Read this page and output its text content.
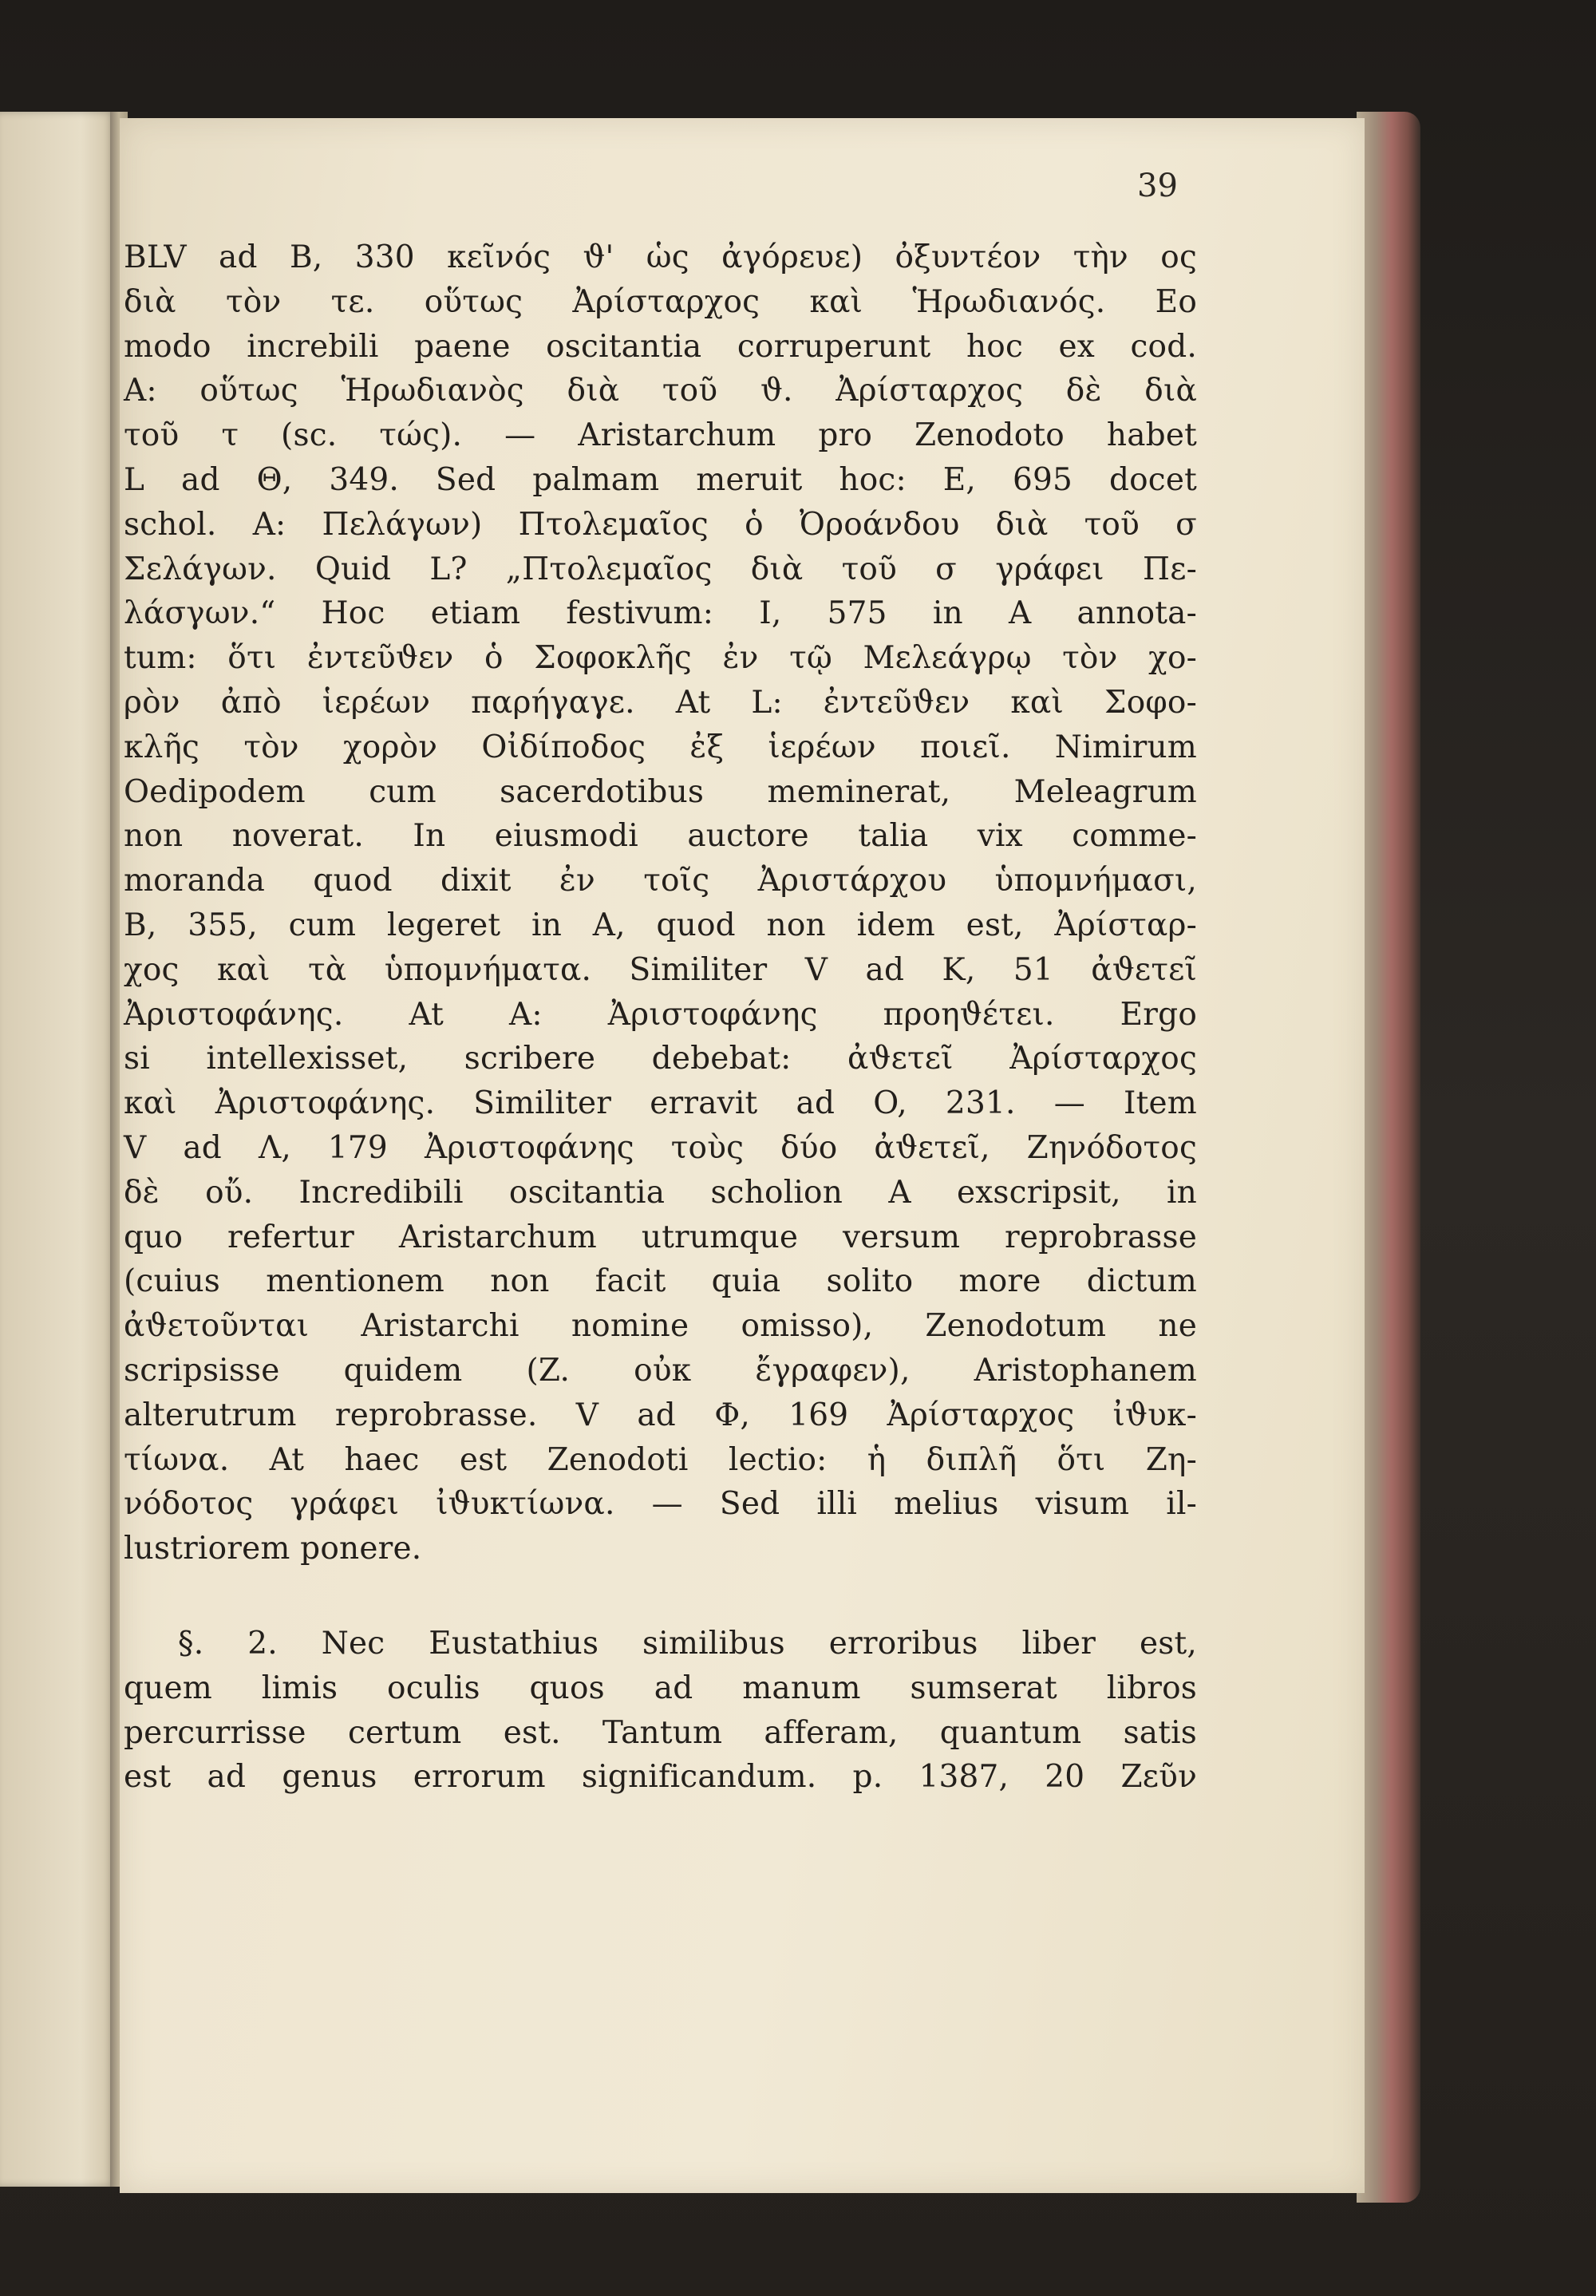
39
BLV ad B, 330 κεῖνός ϑ' ὡς ἀγόρευε) ὀξυντέον τὴν ος
διὰ τὸν τε. οὕτως Ἀρίσταρχος καὶ Ἡρωδιανός. Eo
modo increbili paene oscitantia corruperunt hoc ex cod.
A: οὕτως Ἡρωδιανὸς διὰ τοῦ ϑ. Ἀρίσταρχος δὲ διὰ
τοῦ τ (sc. τώς). — Aristarchum pro Zenodoto habet
L ad Θ, 349. Sed palmam meruit hoc: E, 695 docet
schol. A: Πελάγων) Πτολεμαῖος ὁ Ὀροάνδου διὰ τοῦ σ
Σελάγων. Quid L? „Πτολεμαῖος διὰ τοῦ σ γράφει Πε-
λάσγων.“ Hoc etiam festivum: I, 575 in A annota-
tum: ὅτι ἐντεῦϑεν ὁ Σοφοκλῆς ἐν τῷ Μελεάγρῳ τὸν χο-
ρὸν ἀπὸ ἱερέων παρήγαγε. At L: ἐντεῦϑεν καὶ Σοφο-
κλῆς τὸν χορὸν Οἰδίποδος ἐξ ἱερέων ποιεῖ. Nimirum
Oedipodem cum sacerdotibus meminerat, Meleagrum
non noverat. In eiusmodi auctore talia vix comme-
moranda quod dixit ἐν τοῖς Ἀριστάρχου ὑπομνήμασι,
B, 355, cum legeret in A, quod non idem est, Ἀρίσταρ-
χος καὶ τὰ ὑπομνήματα. Similiter V ad K, 51 ἀϑετεῖ
Ἀριστοφάνης. At A: Ἀριστοφάνης προηϑέτει. Ergo
si intellexisset, scribere debebat: ἀϑετεῖ Ἀρίσταρχος
καὶ Ἀριστοφάνης. Similiter erravit ad O, 231. — Item
V ad Λ, 179 Ἀριστοφάνης τοὺς δύο ἀϑετεῖ, Ζηνόδοτος
δὲ οὔ. Incredibili oscitantia scholion A exscripsit, in
quo refertur Aristarchum utrumque versum reprobrasse
(cuius mentionem non facit quia solito more dictum
ἀϑετοῦνται Aristarchi nomine omisso), Zenodotum ne
scripsisse quidem (Z. οὐκ ἔγραφεν), Aristophanem
alterutrum reprobrasse. V ad Φ, 169 Ἀρίσταρχος ἰϑυκ-
τίωνα. At haec est Zenodoti lectio: ἡ διπλῆ ὅτι Ζη-
νόδοτος γράφει ἰϑυκτίωνα. — Sed illi melius visum il-
lustriorem ponere.
§. 2. Nec Eustathius similibus erroribus liber est,
quem limis oculis quos ad manum sumserat libros
percurrisse certum est. Tantum afferam, quantum satis
est ad genus errorum significandum. p. 1387, 20 Ζεῦν
